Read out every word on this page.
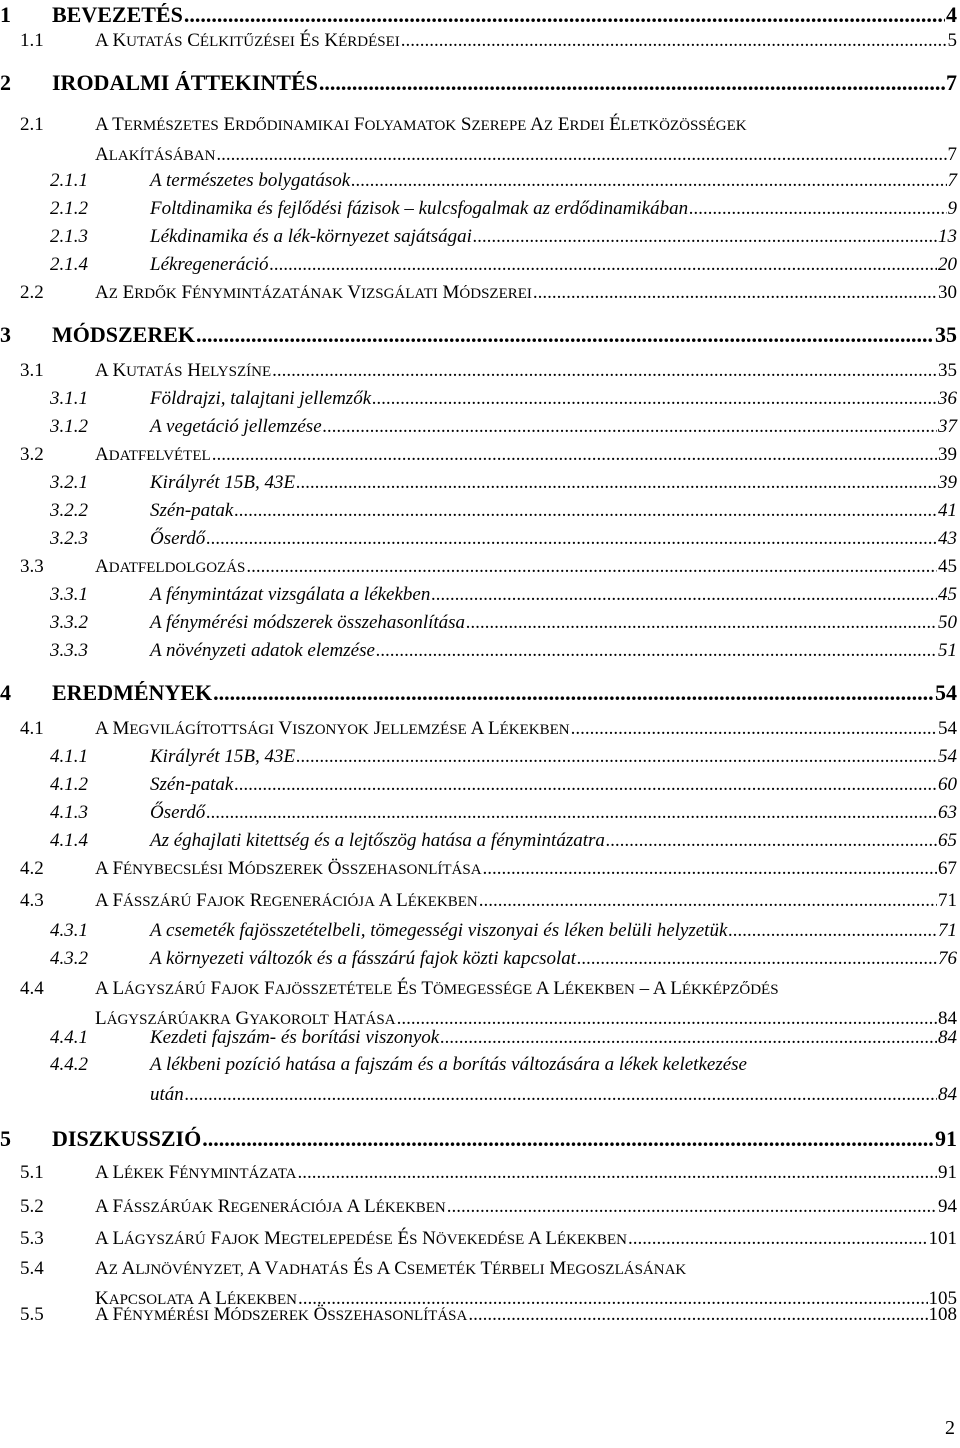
1 BEVEZETÉS .....	4
1.1	A KUTATÁS CÉLKITŰZÉSEI ÉS KÉRDÉSEI .....	5
2 IRODALMI ÁTTEKINTÉS .....	7
2.1	A TERMÉSZETES ERDŐDINAMIKAI FOLYAMATOK SZEREPE AZ ERDEI ÉLETKÖZÖSSÉGEK
ALAKÍTÁSÁBAN .....	7
2.1.1	A természetes bolygatások .....	7
2.1.2	Foltdinamika és fejlődési fázisok – kulcsfogalmak az erdődinamikában .....	9
2.1.3	Lékdinamika és a lék-környezet sajátságai .....	13
2.1.4	Lékregeneráció .....	20
2.2	AZ ERDŐK FÉNYMINTÁZATÁNAK VIZSGÁLATI MÓDSZEREI .....	30
3 MÓDSZEREK .....	35
3.1	A KUTATÁS HELYSZÍNE .....	35
3.1.1	Földrajzi, talajtani jellemzők .....	36
3.1.2	A vegetáció jellemzése .....	37
3.2	ADATFELVÉTEL .....	39
3.2.1	Királyrét 15B, 43E .....	39
3.2.2	Szén-patak .....	41
3.2.3	Őserdő .....	43
3.3	ADATFELDOLGOZÁS .....	45
3.3.1	A fénymintázat vizsgálata a lékekben .....	45
3.3.2	A fénymérési módszerek összehasonlítása .....	50
3.3.3	A növényzeti adatok elemzése .....	51
4 EREDMÉNYEK .....	54
4.1	A MEGVILÁGÍTOTTSÁGI VISZONYOK JELLEMZÉSE A LÉKEKBEN .....	54
4.1.1	Királyrét 15B, 43E .....	54
4.1.2	Szén-patak .....	60
4.1.3	Őserdő .....	63
4.1.4	Az éghajlati kitettség és a lejtőszög hatása a fénymintázatra .....	65
4.2	A FÉNYBECSLÉSI MÓDSZEREK ÖSSZEHASONLÍTÁSA .....	67
4.3	A FÁSSZÁRÚ FAJOK REGENERÁCIÓJA A LÉKEKBEN .....	71
4.3.1	A csemeték fajösszetételbeli, tömegességi viszonyai és léken belüli helyzetük .....	71
4.3.2	A környezeti változók és a fásszárú fajok közti kapcsolat .....	76
4.4	A LÁGYSZÁRÚ FAJOK FAJÖSSZETÉTELE ÉS TÖMEGESSÉGE A LÉKEKBEN – A LÉKKÉPZŐDÉS
LÁGYSZÁRÚAKRA GYAKOROLT HATÁSA .....	84
4.4.1	Kezdeti fajszám- és borítási viszonyok .....	84
4.4.2	A lékbeni pozíció hatása a fajszám és a borítás változására a lékek keletkezése
után .....	84
5 DISZKUSSZIÓ .....	91
5.1	A LÉKEK FÉNYMINTÁZATA .....	91
5.2	A FÁSSZÁRÚAK REGENERÁCIÓJA A LÉKEKBEN .....	94
5.3	A LÁGYSZÁRÚ FAJOK MEGTELEPEDÉSE ÉS NÖVEKEDÉSE A LÉKEKBEN .....	101
5.4	AZ ALJNÖVÉNYZET, A VADHATÁS ÉS A CSEMETÉK TÉRBELI MEGOSZLÁSÁNAK
KAPCSOLATA A LÉKEKBEN .....	105
5.5	A FÉNYMÉRÉSI MÓDSZEREK ÖSSZEHASONLÍTÁSA .....	108
2
